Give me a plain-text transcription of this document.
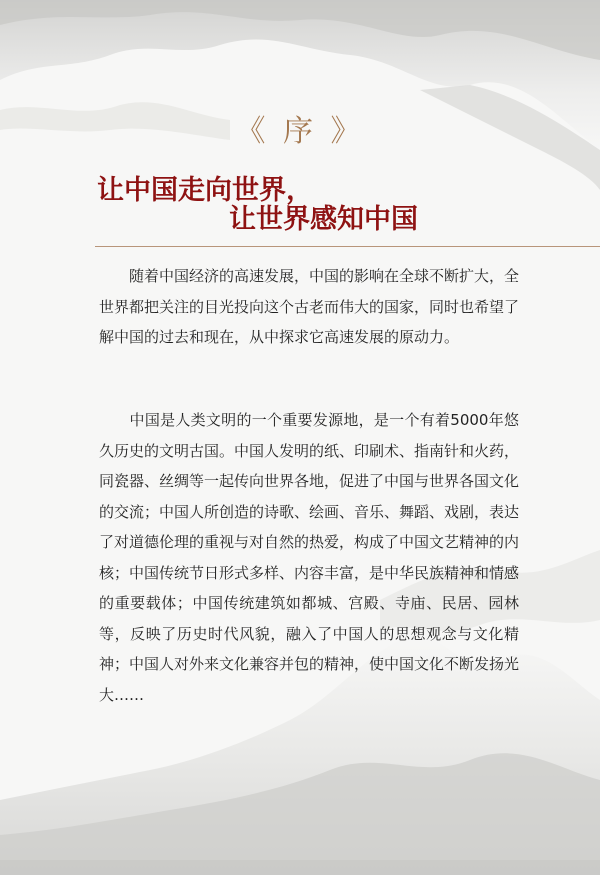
《 序 》
让中国走向世界，
让世界感知中国

　　随着中国经济的高速发展，中国的影响在全球不断扩大，全世界都把关注的目光投向这个古老而伟大的国家，同时也希望了解中国的过去和现在，从中探求它高速发展的原动力。

　　中国是人类文明的一个重要发源地，是一个有着5000年悠久历史的文明古国。中国人发明的纸、印刷术、指南针和火药，同瓷器、丝绸等一起传向世界各地，促进了中国与世界各国文化的交流；中国人所创造的诗歌、绘画、音乐、舞蹈、戏剧，表达了对道德伦理的重视与对自然的热爱，构成了中国文艺精神的内核；中国传统节日形式多样、内容丰富，是中华民族精神和情感的重要载体；中国传统建筑如都城、宫殿、寺庙、民居、园林等，反映了历史时代风貌，融入了中国人的思想观念与文化精神；中国人对外来文化兼容并包的精神，使中国文化不断发扬光大……
